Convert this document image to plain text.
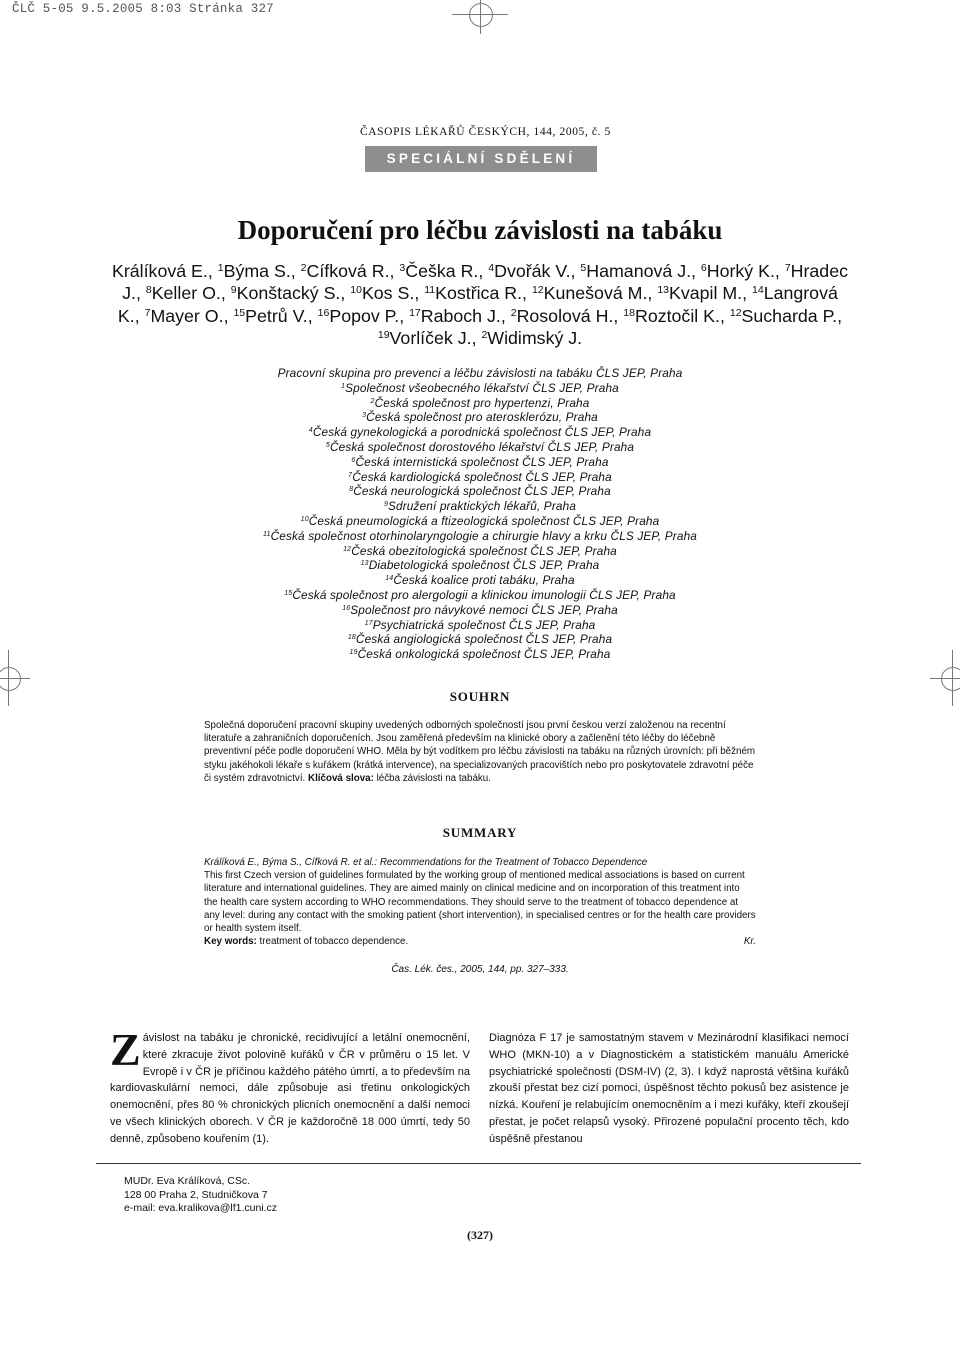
ČLČ 5-05 9.5.2005 8:03 Stránka 327
ČASOPIS LÉKAŘŮ ČESKÝCH, 144, 2005, č. 5
SPECIÁLNÍ SDĚLENÍ
Doporučení pro léčbu závislosti na tabáku
Králíková E., $^1$Býma S., $^2$Cífková R., $^3$Češka R., $^4$Dvořák V., $^5$Hamanová J., $^6$Horký K., $^7$Hradec J., $^8$Keller O., $^9$Konštacký S., $^{10}$Kos S., $^{11}$Kostřica R., $^{12}$Kunešová M., $^{13}$Kvapil M., $^{14}$Langrová K., $^7$Mayer O., $^{15}$Petrů V., $^{16}$Popov P., $^{17}$Raboch J., $^2$Rosolová H., $^{18}$Roztočil K., $^{12}$Sucharda P., $^{19}$Vorlíček J., $^2$Widimský J.

Pracovní skupina pro prevenci a léčbu závislosti na tabáku ČLS JEP, Praha

$^1$Společnost všeobecného lékařství ČLS JEP, Praha

$^2$Česká společnost pro hypertenzi, Praha

$^3$Česká společnost pro aterosklerózu, Praha

$^4$Česká gynekologická a porodnická společnost ČLS JEP, Praha

$^5$Česká společnost dorostového lékařství ČLS JEP, Praha

$^6$Česká internistická společnost ČLS JEP, Praha

$^7$Česká kardiologická společnost ČLS JEP, Praha

$^8$Česká neurologická společnost ČLS JEP, Praha

$^9$Sdružení praktických lékařů, Praha

$^{10}$Česká pneumologická a ftizeologická společnost ČLS JEP, Praha

$^{11}$Česká společnost otorhinolaryngologie a chirurgie hlavy a krku ČLS JEP, Praha

$^{12}$Česká obezitologická společnost ČLS JEP, Praha

$^{13}$Diabetologická společnost ČLS JEP, Praha

$^{14}$Česká koalice proti tabáku, Praha

$^{15}$Česká společnost pro alergologii a klinickou imunologii ČLS JEP, Praha

$^{16}$Společnost pro návykové nemoci ČLS JEP, Praha

$^{17}$Psychiatrická společnost ČLS JEP, Praha

$^{18}$Česká angiologická společnost ČLS JEP, Praha

$^{19}$Česká onkologická společnost ČLS JEP, Praha

SOUHRN

Společná doporučení pracovní skupiny uvedených odborných společností jsou první českou verzí založenou na recentní literatuře a zahraničních doporučeních. Jsou zaměřená především na klinické obory a začlenění této léčby do léčebně preventivní péče podle doporučení WHO. Měla by být vodítkem pro léčbu závislosti na tabáku na různých úrovních: při běžném styku jakéhokoli lékaře s kuřákem (krátká intervence), na specializovaných pracovištích nebo pro poskytovatele zdravotní péče či systém zdravotnictví. Klíčová slova: léčba závislosti na tabáku.

SUMMARY

Králíková E., Býma S., Cífková R. et al.: Recommendations for the Treatment of Tobacco Dependence

This first Czech version of guidelines formulated by the working group of mentioned medical associations is based on current literature and international guidelines. They are aimed mainly on clinical medicine and on incorporation of this treatment into the health care system according to WHO recommendations. They should serve to the treatment of tobacco dependence at any level: during any contact with the smoking patient (short intervention), in specialised centres or for the health care providers or health system itself.

Key words: treatment of tobacco dependence.	Kr.

Čas. Lék. čes., 2005, 144, pp. 327–333.
Závislost na tabáku je chronické, recidivující a letální onemocnění, které zkracuje život polovině kuřáků v ČR v průměru o 15 let. V Evropě i v ČR je příčinou každého pátého úmrtí, a to především na kardiovaskulární nemoci, dále způsobuje asi třetinu onkologických onemocnění, přes 80 % chronických plicních onemocnění a další nemoci ve všech klinických oborech. V ČR je každoročně 18 000 úmrtí, tedy 50 denně, způsobeno kouřením (1).
Diagnóza F 17 je samostatným stavem v Mezinárodní klasifikaci nemocí WHO (MKN-10) a v Diagnostickém a statistickém manuálu Americké psychiatrické společnosti (DSM-IV) (2, 3). I když naprostá většina kuřáků zkouší přestat bez cizí pomoci, úspěšnost těchto pokusů bez asistence je nízká. Kouření je relabujícím onemocněním a i mezi kuřáky, kteří zkoušejí přestat, je počet relapsů vysoký. Přirozené populační procento těch, kdo úspěšně přestanou

MUDr. Eva Králíková, CSc.

128 00 Praha 2, Studničkova 7

e-mail: eva.kralikova@lf1.cuni.cz

(327)
